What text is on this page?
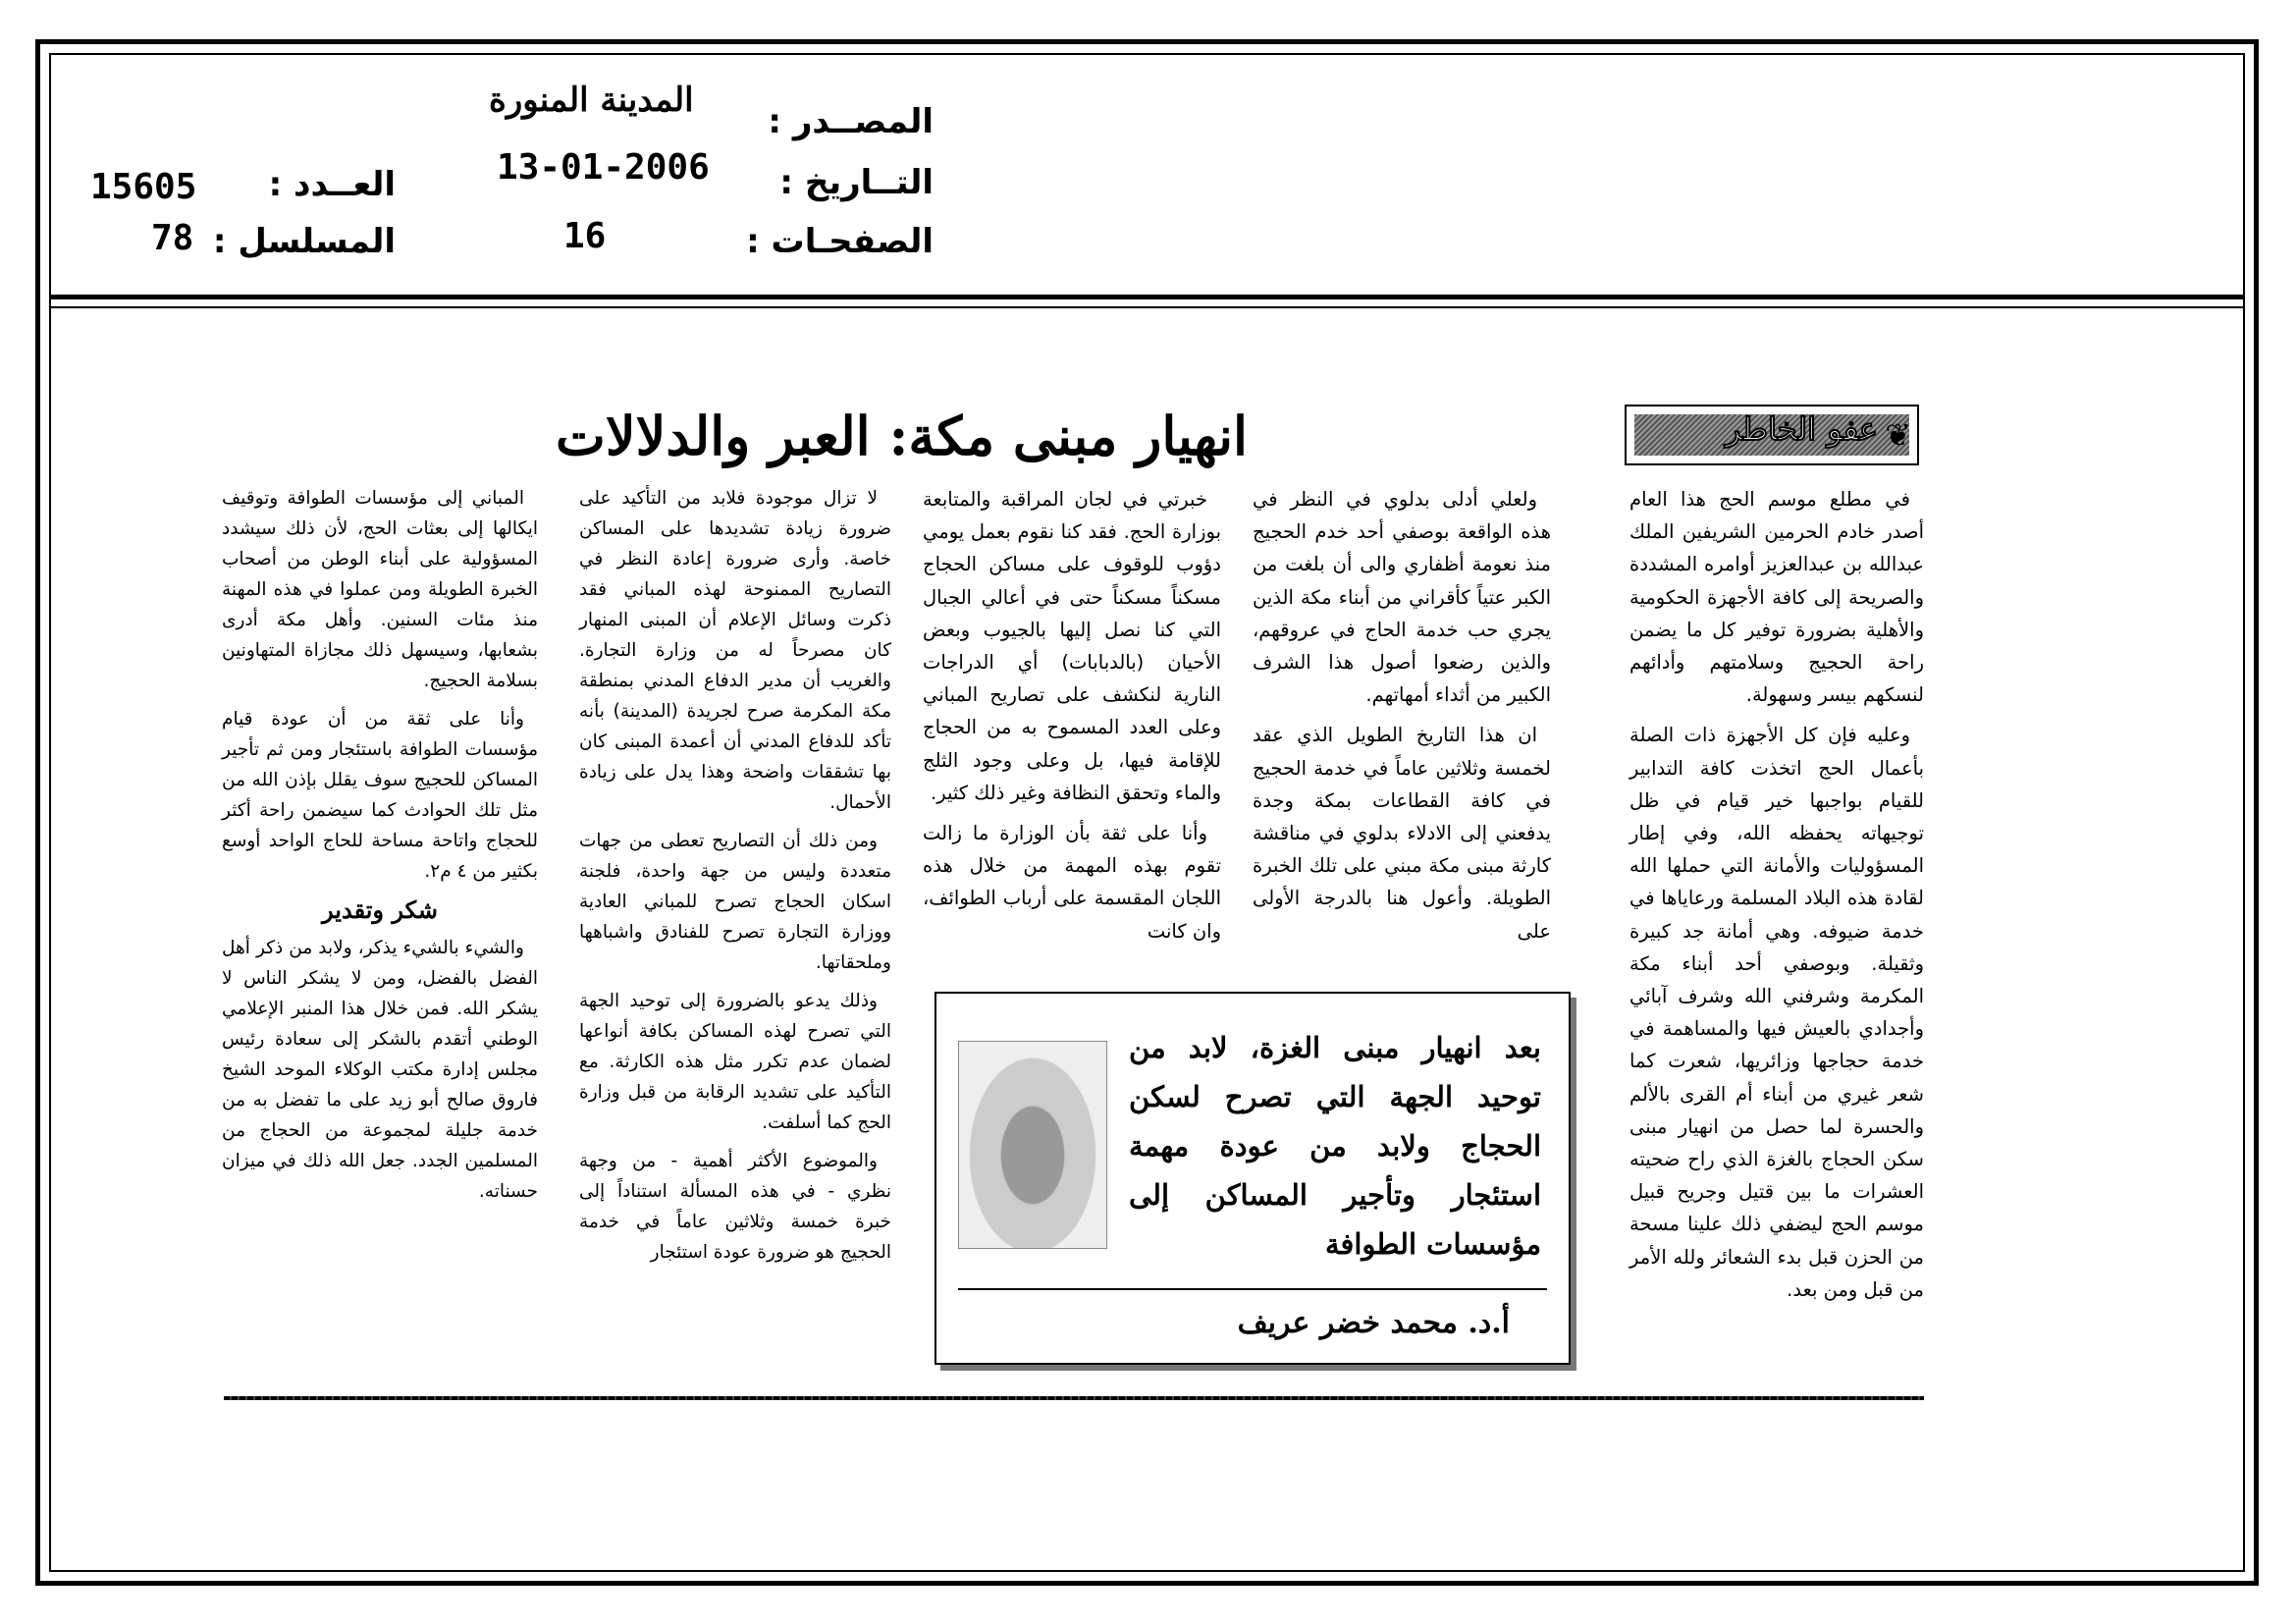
المصــدر :
المدينة المنورة
التــاريخ :
13-01-2006
الصفحـات :
16
العــدد :
15605
المسلسل :
78
❦
عفو الخاطر
انهيار مبنى مكة: العبر والدلالات

في مطلع موسم الحج هذا العام أصدر خادم الحرمين الشريفين الملك عبدالله بن عبدالعزيز أوامره المشددة والصريحة إلى كافة الأجهزة الحكومية والأهلية بضرورة توفير كل ما يضمن راحة الحجيج وسلامتهم وأدائهم لنسكهم بيسر وسهولة.

وعليه فإن كل الأجهزة ذات الصلة بأعمال الحج اتخذت كافة التدابير للقيام بواجبها خير قيام في ظل توجيهاته يحفظه الله، وفي إطار المسؤوليات والأمانة التي حملها الله لقادة هذه البلاد المسلمة ورعاياها في خدمة ضيوفه. وهي أمانة جد كبيرة وثقيلة. وبوصفي أحد أبناء مكة المكرمة وشرفني الله وشرف آبائي وأجدادي بالعيش فيها والمساهمة في خدمة حجاجها وزائريها، شعرت كما شعر غيري من أبناء أم القرى بالألم والحسرة لما حصل من انهيار مبنى سكن الحجاج بالغزة الذي راح ضحيته العشرات ما بين قتيل وجريح قبيل موسم الحج ليضفي ذلك علينا مسحة من الحزن قبل بدء الشعائر ولله الأمر من قبل ومن بعد.

ولعلي أدلى بدلوي في النظر في هذه الواقعة بوصفي أحد خدم الحجيج منذ نعومة أظفاري والى أن بلغت من الكبر عتياً كأقراني من أبناء مكة الذين يجري حب خدمة الحاج في عروقهم، والذين رضعوا أصول هذا الشرف الكبير من أثداء أمهاتهم.

ان هذا التاريخ الطويل الذي عقد لخمسة وثلاثين عاماً في خدمة الحجيج في كافة القطاعات بمكة وجدة يدفعني إلى الادلاء بدلوي في مناقشة كارثة مبنى مكة مبني على تلك الخبرة الطويلة. وأعول هنا بالدرجة الأولى على

خبرتي في لجان المراقبة والمتابعة بوزارة الحج. فقد كنا نقوم بعمل يومي دؤوب للوقوف على مساكن الحجاج مسكناً مسكناً حتى في أعالي الجبال التي كنا نصل إليها بالجيوب وبعض الأحيان (بالدبابات) أي الدراجات النارية لنكشف على تصاريح المباني وعلى العدد المسموح به من الحجاج للإقامة فيها، بل وعلى وجود الثلج والماء وتحقق النظافة وغير ذلك كثير.

وأنا على ثقة بأن الوزارة ما زالت تقوم بهذه المهمة من خلال هذه اللجان المقسمة على أرباب الطوائف، وان كانت

لا تزال موجودة فلابد من التأكيد على ضرورة زيادة تشديدها على المساكن خاصة. وأرى ضرورة إعادة النظر في التصاريح الممنوحة لهذه المباني فقد ذكرت وسائل الإعلام أن المبنى المنهار كان مصرحاً له من وزارة التجارة. والغريب أن مدير الدفاع المدني بمنطقة مكة المكرمة صرح لجريدة (المدينة) بأنه تأكد للدفاع المدني أن أعمدة المبنى كان بها تشققات واضحة وهذا يدل على زيادة الأحمال.

ومن ذلك أن التصاريح تعطى من جهات متعددة وليس من جهة واحدة، فلجنة اسكان الحجاج تصرح للمباني العادية ووزارة التجارة تصرح للفنادق واشباهها وملحقاتها.

وذلك يدعو بالضرورة إلى توحيد الجهة التي تصرح لهذه المساكن بكافة أنواعها لضمان عدم تكرر مثل هذه الكارثة. مع التأكيد على تشديد الرقابة من قبل وزارة الحج كما أسلفت.

والموضوع الأكثر أهمية - من وجهة نظري - في هذه المسألة استناداً إلى خبرة خمسة وثلاثين عاماً في خدمة الحجيج هو ضرورة عودة استئجار

المباني إلى مؤسسات الطوافة وتوقيف ايكالها إلى بعثات الحج، لأن ذلك سيشدد المسؤولية على أبناء الوطن من أصحاب الخبرة الطويلة ومن عملوا في هذه المهنة منذ مئات السنين. وأهل مكة أدرى بشعابها، وسيسهل ذلك مجازاة المتهاونين بسلامة الحجيج.

وأنا على ثقة من أن عودة قيام مؤسسات الطوافة باستئجار ومن ثم تأجير المساكن للحجيج سوف يقلل بإذن الله من مثل تلك الحوادث كما سيضمن راحة أكثر للحجاج واتاحة مساحة للحاج الواحد أوسع بكثير من ٤ م٢.

شكر وتقدير

والشيء بالشيء يذكر، ولابد من ذكر أهل الفضل بالفضل، ومن لا يشكر الناس لا يشكر الله. فمن خلال هذا المنبر الإعلامي الوطني أتقدم بالشكر إلى سعادة رئيس مجلس إدارة مكتب الوكلاء الموحد الشيخ فاروق صالح أبو زيد على ما تفضل به من خدمة جليلة لمجموعة من الحجاج من المسلمين الجدد. جعل الله ذلك في ميزان حسناته.

بعد انهيار مبنى الغزة، لابد من توحيد الجهة التي تصرح لسكن الحجاج ولابد من عودة مهمة استئجار وتأجير المساكن إلى مؤسسات الطوافة
أ.د. محمد خضر عريف
